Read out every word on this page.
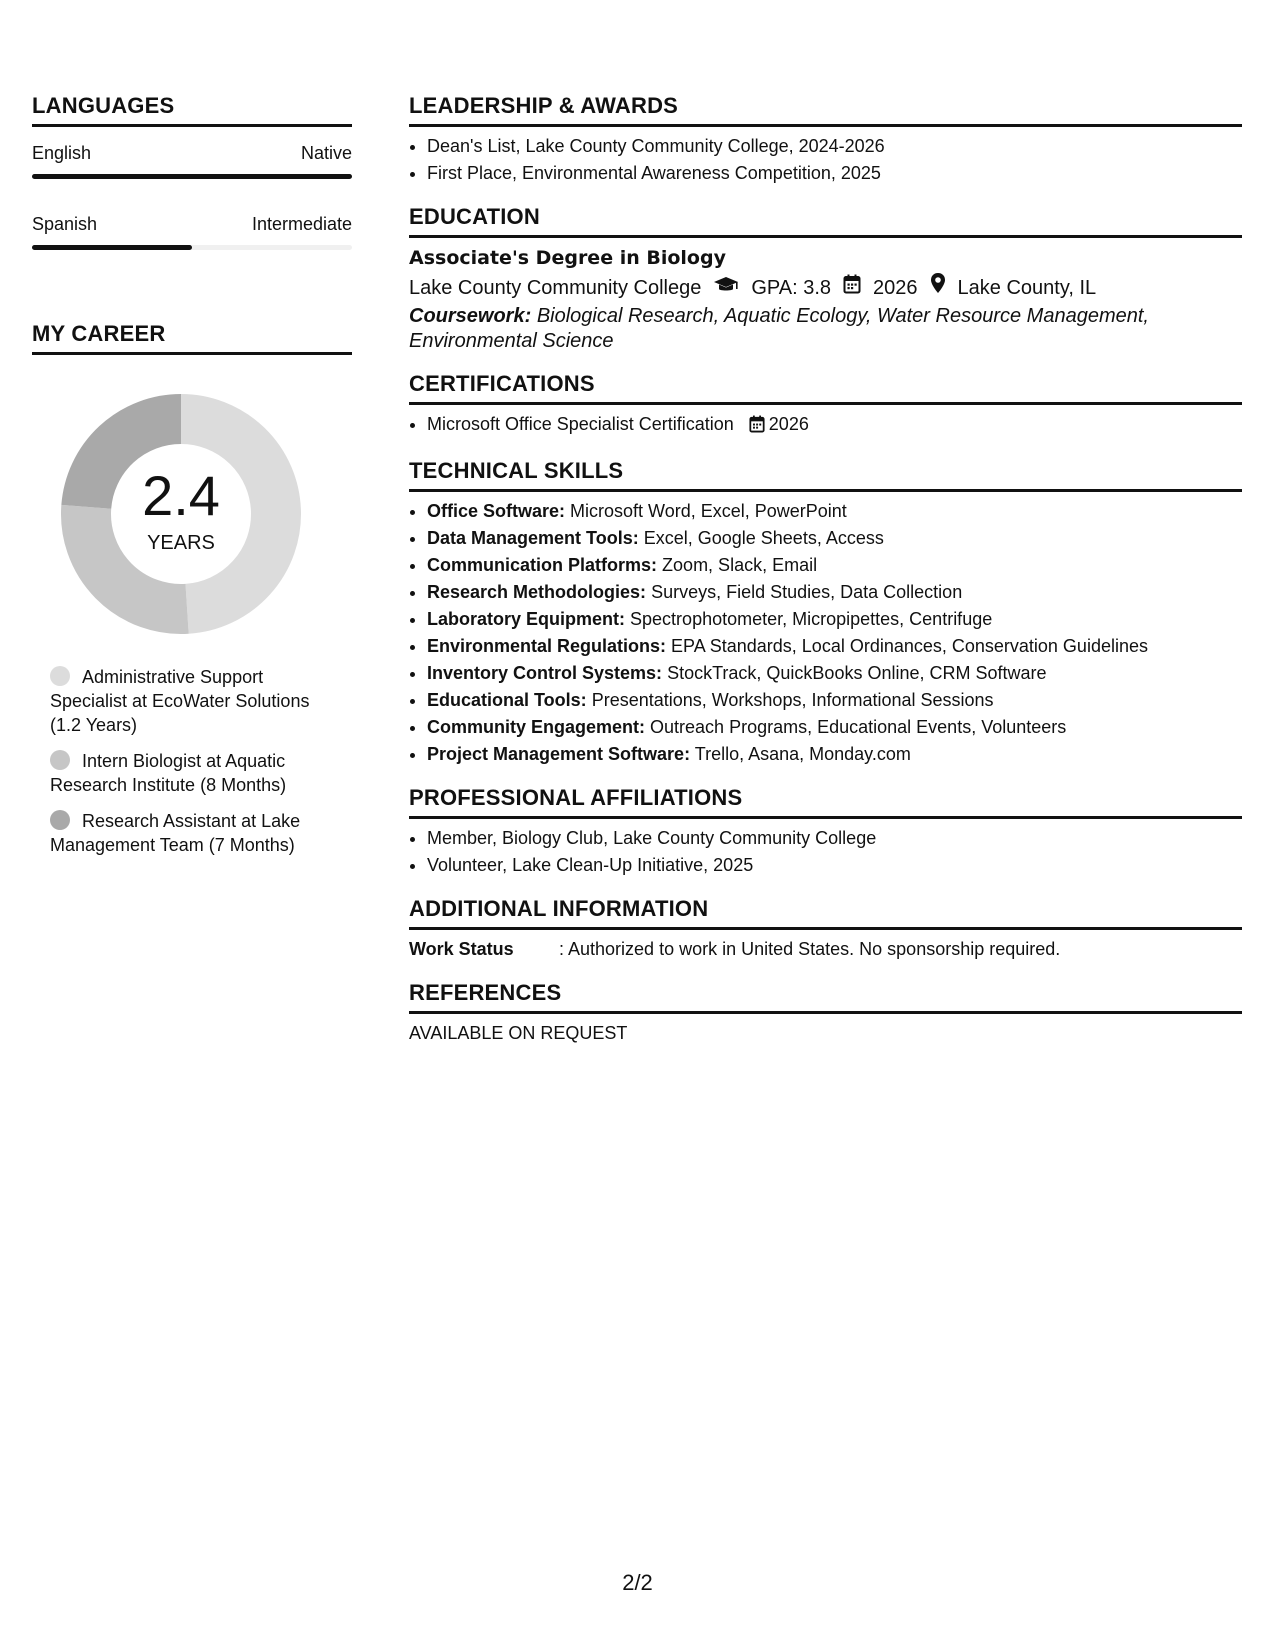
LANGUAGES
English	Native
Spanish	Intermediate
MY CAREER
2.4
YEARS
Administrative Support Specialist at EcoWater Solutions (1.2 Years)
Intern Biologist at Aquatic Research Institute (8 Months)
Research Assistant at Lake Management Team (7 Months)
LEADERSHIP & AWARDS
• Dean's List, Lake County Community College, 2024-2026
• First Place, Environmental Awareness Competition, 2025
EDUCATION
Associate's Degree in Biology
Lake County Community College	GPA: 3.8 2026 Lake County, IL
Coursework: Biological Research, Aquatic Ecology, Water Resource Management, Environmental Science
CERTIFICATIONS
• Microsoft Office Specialist Certification 2026
TECHNICAL SKILLS
• Office Software: Microsoft Word, Excel, PowerPoint
• Data Management Tools: Excel, Google Sheets, Access
• Communication Platforms: Zoom, Slack, Email
• Research Methodologies: Surveys, Field Studies, Data Collection
• Laboratory Equipment: Spectrophotometer, Micropipettes, Centrifuge
• Environmental Regulations: EPA Standards, Local Ordinances, Conservation Guidelines
• Inventory Control Systems: StockTrack, QuickBooks Online, CRM Software
• Educational Tools: Presentations, Workshops, Informational Sessions
• Community Engagement: Outreach Programs, Educational Events, Volunteers
• Project Management Software: Trello, Asana, Monday.com
PROFESSIONAL AFFILIATIONS
• Member, Biology Club, Lake County Community College
• Volunteer, Lake Clean-Up Initiative, 2025
ADDITIONAL INFORMATION
Work Status	: Authorized to work in United States. No sponsorship required.
REFERENCES
AVAILABLE ON REQUEST
2/2
